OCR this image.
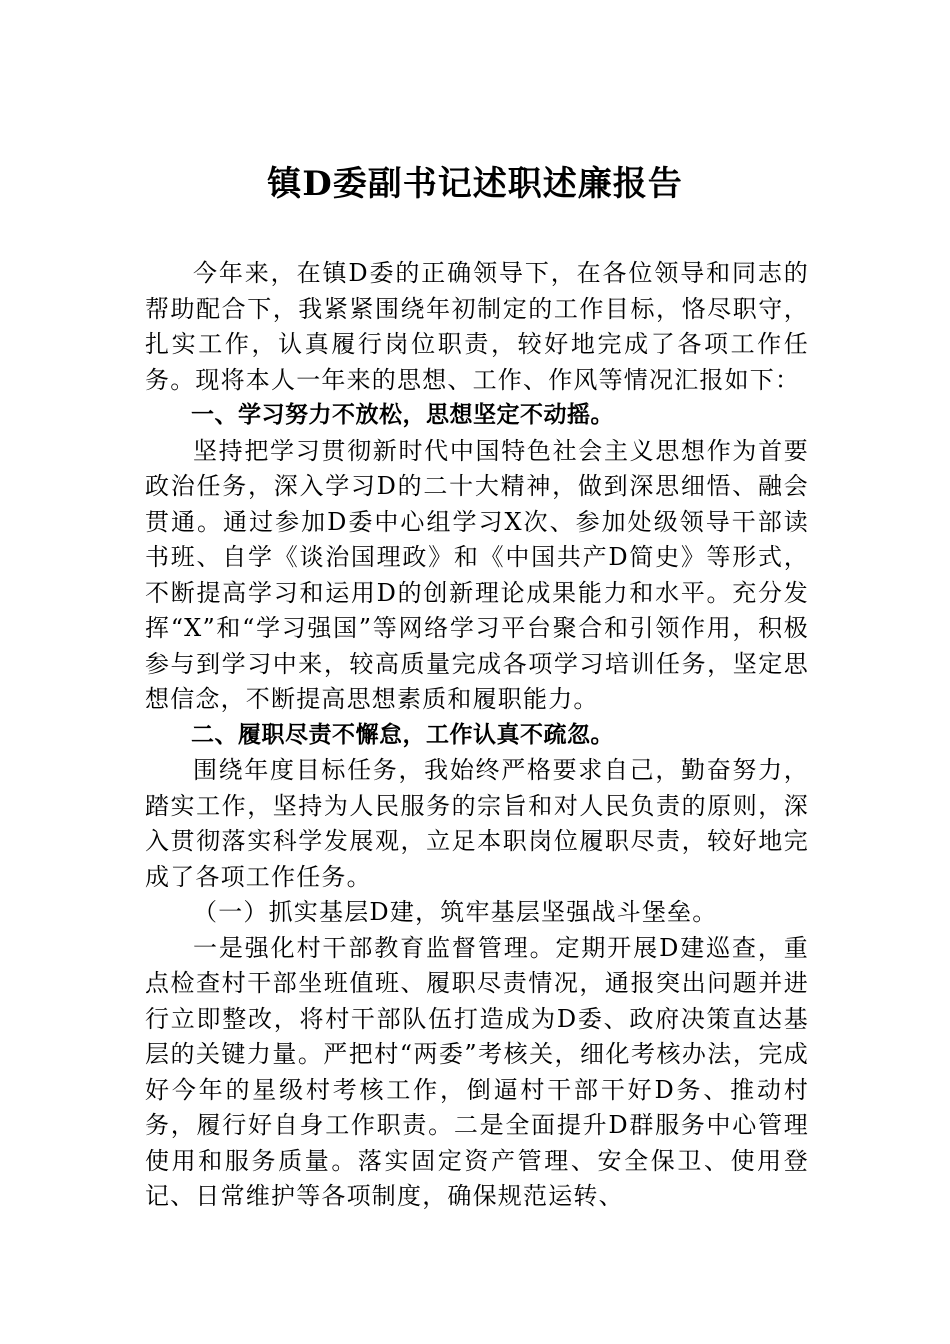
镇D委副书记述职述廉报告

今年来，在镇D委的正确领导下，在各位领导和同志的帮助配合下，我紧紧围绕年初制定的工作目标，恪尽职守，扎实工作，认真履行岗位职责，较好地完成了各项工作任务。现将本人一年来的思想、工作、作风等情况汇报如下：

一、学习努力不放松，思想坚定不动摇。

坚持把学习贯彻新时代中国特色社会主义思想作为首要政治任务，深入学习D的二十大精神，做到深思细悟、融会贯通。通过参加D委中心组学习X次、参加处级领导干部读书班、自学《谈治国理政》和《中国共产D简史》等形式，不断提高学习和运用D的创新理论成果能力和水平。充分发挥“X”和“学习强国”等网络学习平台聚合和引领作用，积极参与到学习中来，较高质量完成各项学习培训任务，坚定思想信念，不断提高思想素质和履职能力。

二、履职尽责不懈怠，工作认真不疏忽。

围绕年度目标任务，我始终严格要求自己，勤奋努力，踏实工作，坚持为人民服务的宗旨和对人民负责的原则，深入贯彻落实科学发展观，立足本职岗位履职尽责，较好地完成了各项工作任务。

（一）抓实基层D建，筑牢基层坚强战斗堡垒。

一是强化村干部教育监督管理。定期开展D建巡查，重点检查村干部坐班值班、履职尽责情况，通报突出问题并进行立即整改，将村干部队伍打造成为D委、政府决策直达基层的关键力量。严把村“两委”考核关，细化考核办法，完成好今年的星级村考核工作，倒逼村干部干好D务、推动村务，履行好自身工作职责。二是全面提升D群服务中心管理使用和服务质量。落实固定资产管理、安全保卫、使用登记、日常维护等各项制度，确保规范运转、
